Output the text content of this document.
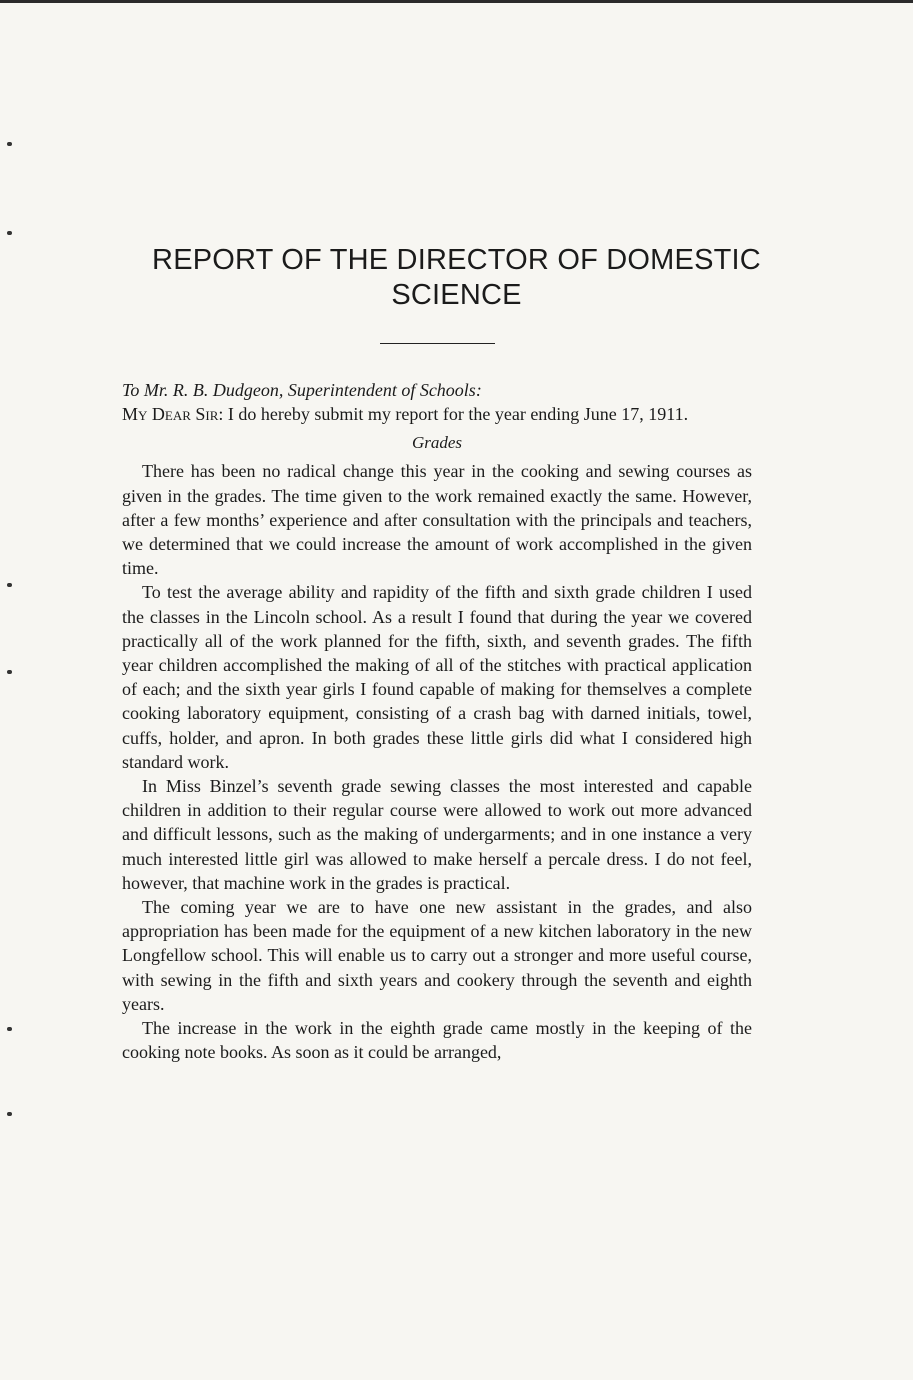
REPORT OF THE DIRECTOR OF DOMESTIC SCIENCE

To Mr. R. B. Dudgeon, Superintendent of Schools:

My Dear Sir: I do hereby submit my report for the year ending June 17, 1911.

Grades

There has been no radical change this year in the cooking and sewing courses as given in the grades. The time given to the work remained exactly the same. However, after a few months’ experience and after consultation with the principals and teachers, we determined that we could increase the amount of work accomplished in the given time.

To test the average ability and rapidity of the fifth and sixth grade children I used the classes in the Lincoln school. As a result I found that during the year we covered practically all of the work planned for the fifth, sixth, and seventh grades. The fifth year children accomplished the making of all of the stitches with practical application of each; and the sixth year girls I found capable of making for themselves a complete cooking laboratory equipment, consisting of a crash bag with darned initials, towel, cuffs, holder, and apron. In both grades these little girls did what I considered high standard work.

In Miss Binzel’s seventh grade sewing classes the most interested and capable children in addition to their regular course were allowed to work out more advanced and difficult lessons, such as the making of undergarments; and in one instance a very much interested little girl was allowed to make herself a percale dress. I do not feel, however, that machine work in the grades is practical.

The coming year we are to have one new assistant in the grades, and also appropriation has been made for the equipment of a new kitchen laboratory in the new Longfellow school. This will enable us to carry out a stronger and more useful course, with sewing in the fifth and sixth years and cookery through the seventh and eighth years.

The increase in the work in the eighth grade came mostly in the keeping of the cooking note books. As soon as it could be arranged,
